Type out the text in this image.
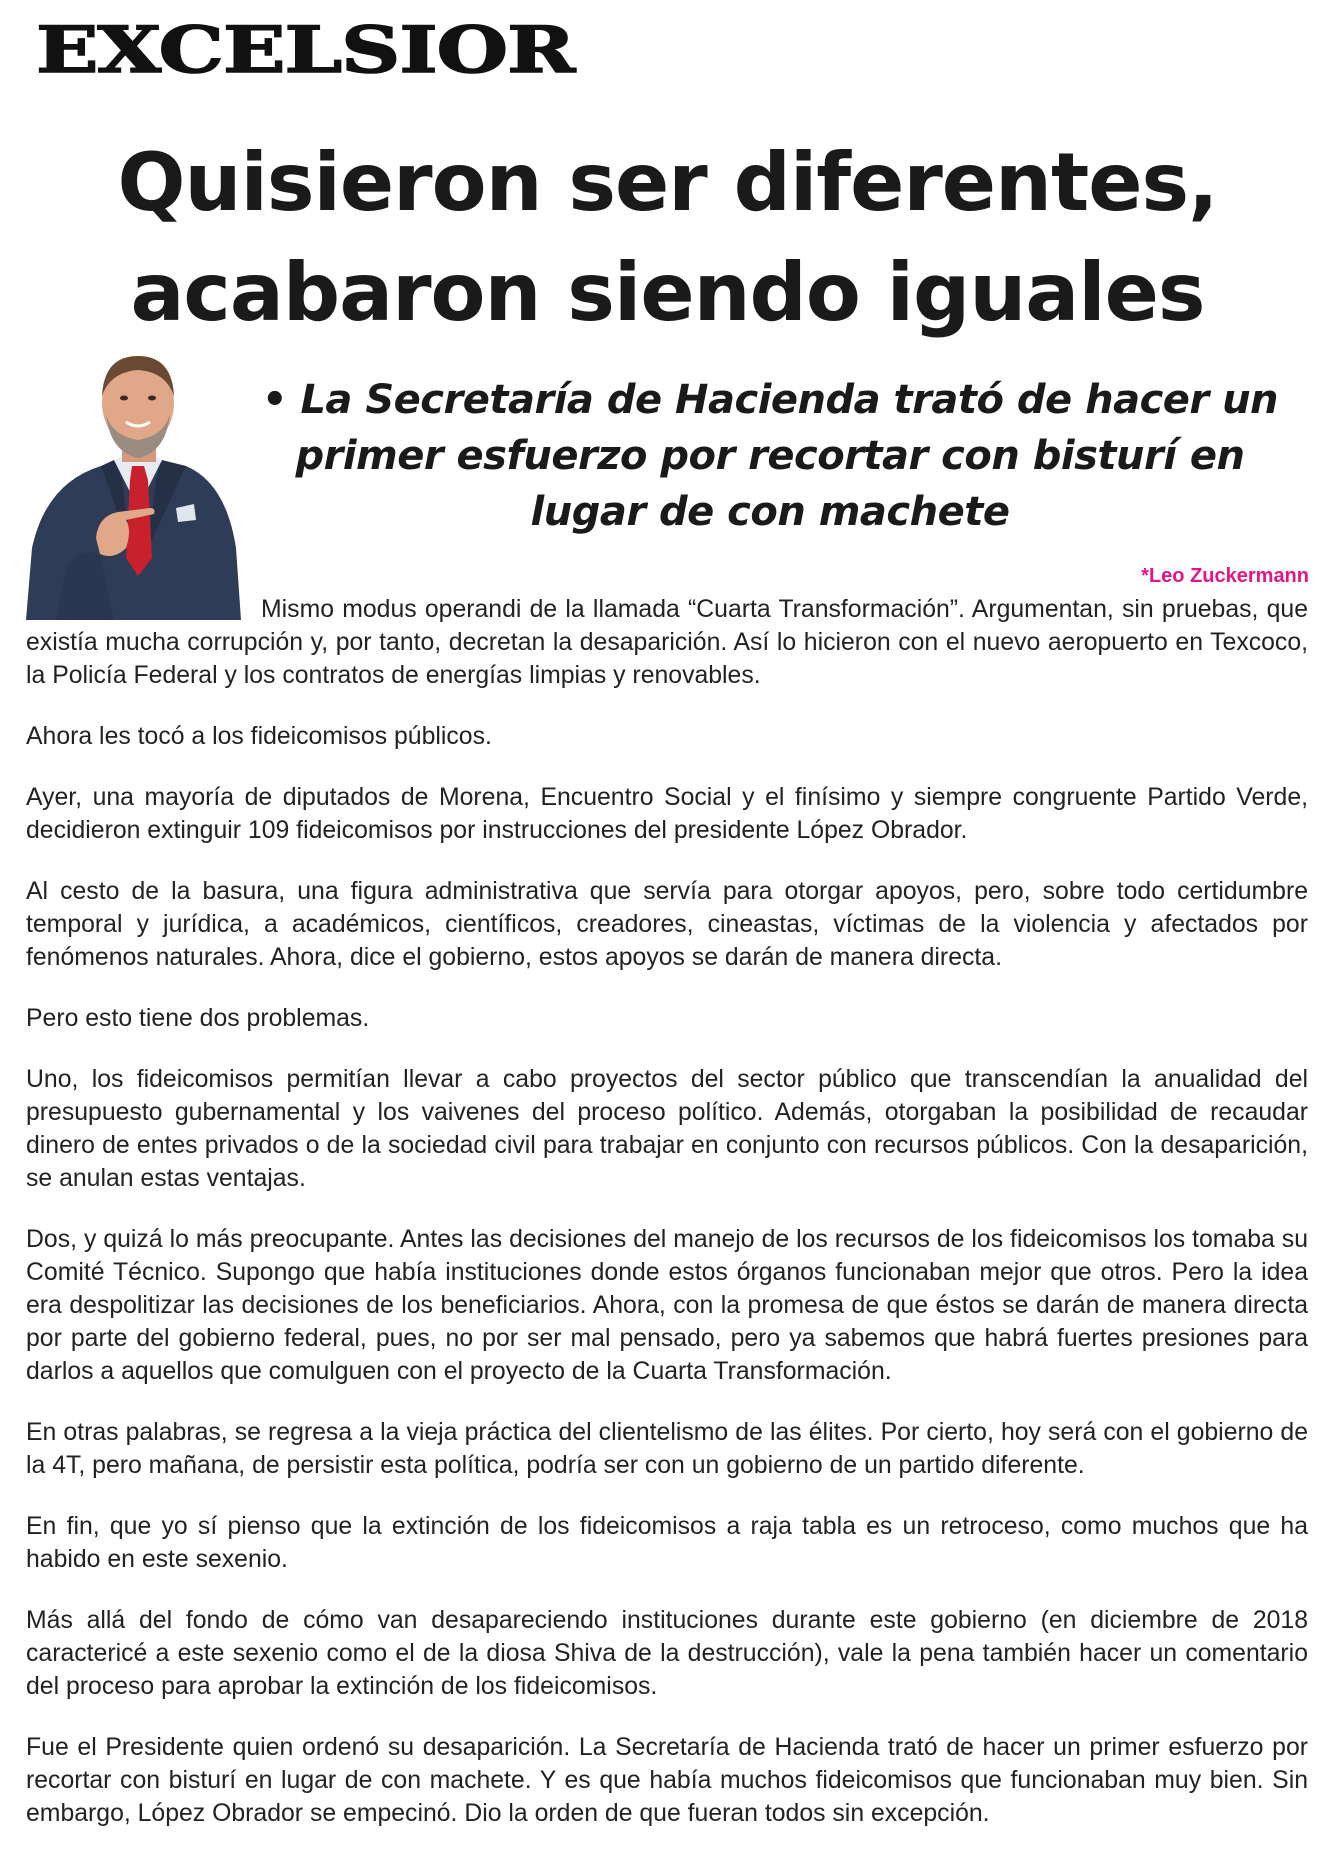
EXCELSIOR
Quisieron ser diferentes, acabaron siendo iguales
• La Secretaría de Hacienda trató de hacer un primer esfuerzo por recortar con bisturí en lugar de con machete
*Leo Zuckermann

Mismo modus operandi de la llamada “Cuarta Transformación”. Argumentan, sin pruebas, que existía mucha corrupción y, por tanto, decretan la desaparición. Así lo hicieron con el nuevo aeropuerto en Texcoco, la Policía Federal y los contratos de energías limpias y renovables.

Ahora les tocó a los fideicomisos públicos.

Ayer, una mayoría de diputados de Morena, Encuentro Social y el finísimo y siempre congruente Partido Verde, decidieron extinguir 109 fideicomisos por instrucciones del presidente López Obrador.

Al cesto de la basura, una figura administrativa que servía para otorgar apoyos, pero, sobre todo certidumbre temporal y jurídica, a académicos, científicos, creadores, cineastas, víctimas de la violencia y afectados por fenómenos naturales. Ahora, dice el gobierno, estos apoyos se darán de manera directa.

Pero esto tiene dos problemas.

Uno, los fideicomisos permitían llevar a cabo proyectos del sector público que transcendían la anualidad del presupuesto gubernamental y los vaivenes del proceso político. Además, otorgaban la posibilidad de recaudar dinero de entes privados o de la sociedad civil para trabajar en conjunto con recursos públicos. Con la desaparición, se anulan estas ventajas.

Dos, y quizá lo más preocupante. Antes las decisiones del manejo de los recursos de los fideicomisos los tomaba su Comité Técnico. Supongo que había instituciones donde estos órganos funcionaban mejor que otros. Pero la idea era despolitizar las decisiones de los beneficiarios. Ahora, con la promesa de que éstos se darán de manera directa por parte del gobierno federal, pues, no por ser mal pensado, pero ya sabemos que habrá fuertes presiones para darlos a aquellos que comulguen con el proyecto de la Cuarta Transformación.

En otras palabras, se regresa a la vieja práctica del clientelismo de las élites. Por cierto, hoy será con el gobierno de la 4T, pero mañana, de persistir esta política, podría ser con un gobierno de un partido diferente.

En fin, que yo sí pienso que la extinción de los fideicomisos a raja tabla es un retroceso, como muchos que ha habido en este sexenio.

Más allá del fondo de cómo van desapareciendo instituciones durante este gobierno (en diciembre de 2018 caractericé a este sexenio como el de la diosa Shiva de la destrucción), vale la pena también hacer un comentario del proceso para aprobar la extinción de los fideicomisos.

Fue el Presidente quien ordenó su desaparición. La Secretaría de Hacienda trató de hacer un primer esfuerzo por recortar con bisturí en lugar de con machete. Y es que había muchos fideicomisos que funcionaban muy bien. Sin embargo, López Obrador se empecinó. Dio la orden de que fueran todos sin excepción.
